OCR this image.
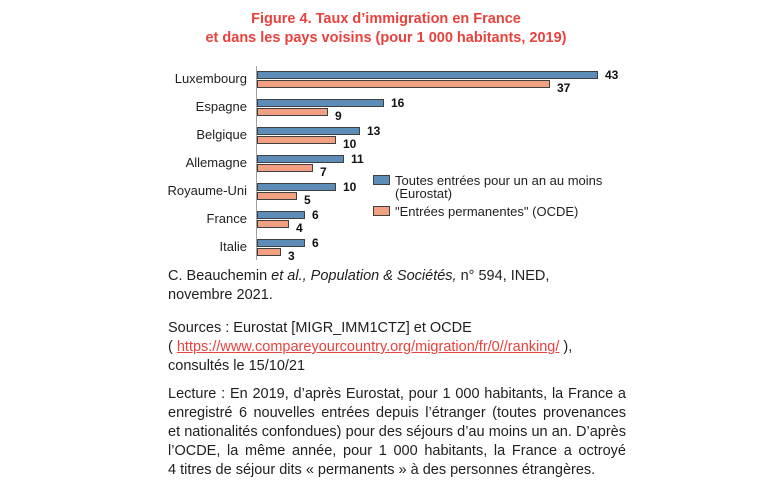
Figure 4. Taux d’immigration en France
et dans les pays voisins (pour 1 000 habitants, 2019)
Luxembourg	43
37
Espagne	16
9
Belgique	13
10
Allemagne	11
7
Royaume-Uni	10
5
France	6
4
Italie	6
3
Toutes entrées pour un an au moins
(Eurostat)
"Entrées permanentes" (OCDE)

C. Beauchemin et al., Population & Sociétés, n° 594, INED,
novembre 2021.

Sources : Eurostat [MIGR_IMM1CTZ] et OCDE
( https://www.compareyourcountry.org/migration/fr/0//ranking/ ),
consultés le 15/10/21

Lecture : En 2019, d’après Eurostat, pour 1 000 habitants, la France a
enregistré 6 nouvelles entrées depuis l’étranger (toutes provenances
et nationalités confondues) pour des séjours d’au moins un an. D’après
l’OCDE, la même année, pour 1 000 habitants, la France a octroyé
4 titres de séjour dits « permanents » à des personnes étrangères.
